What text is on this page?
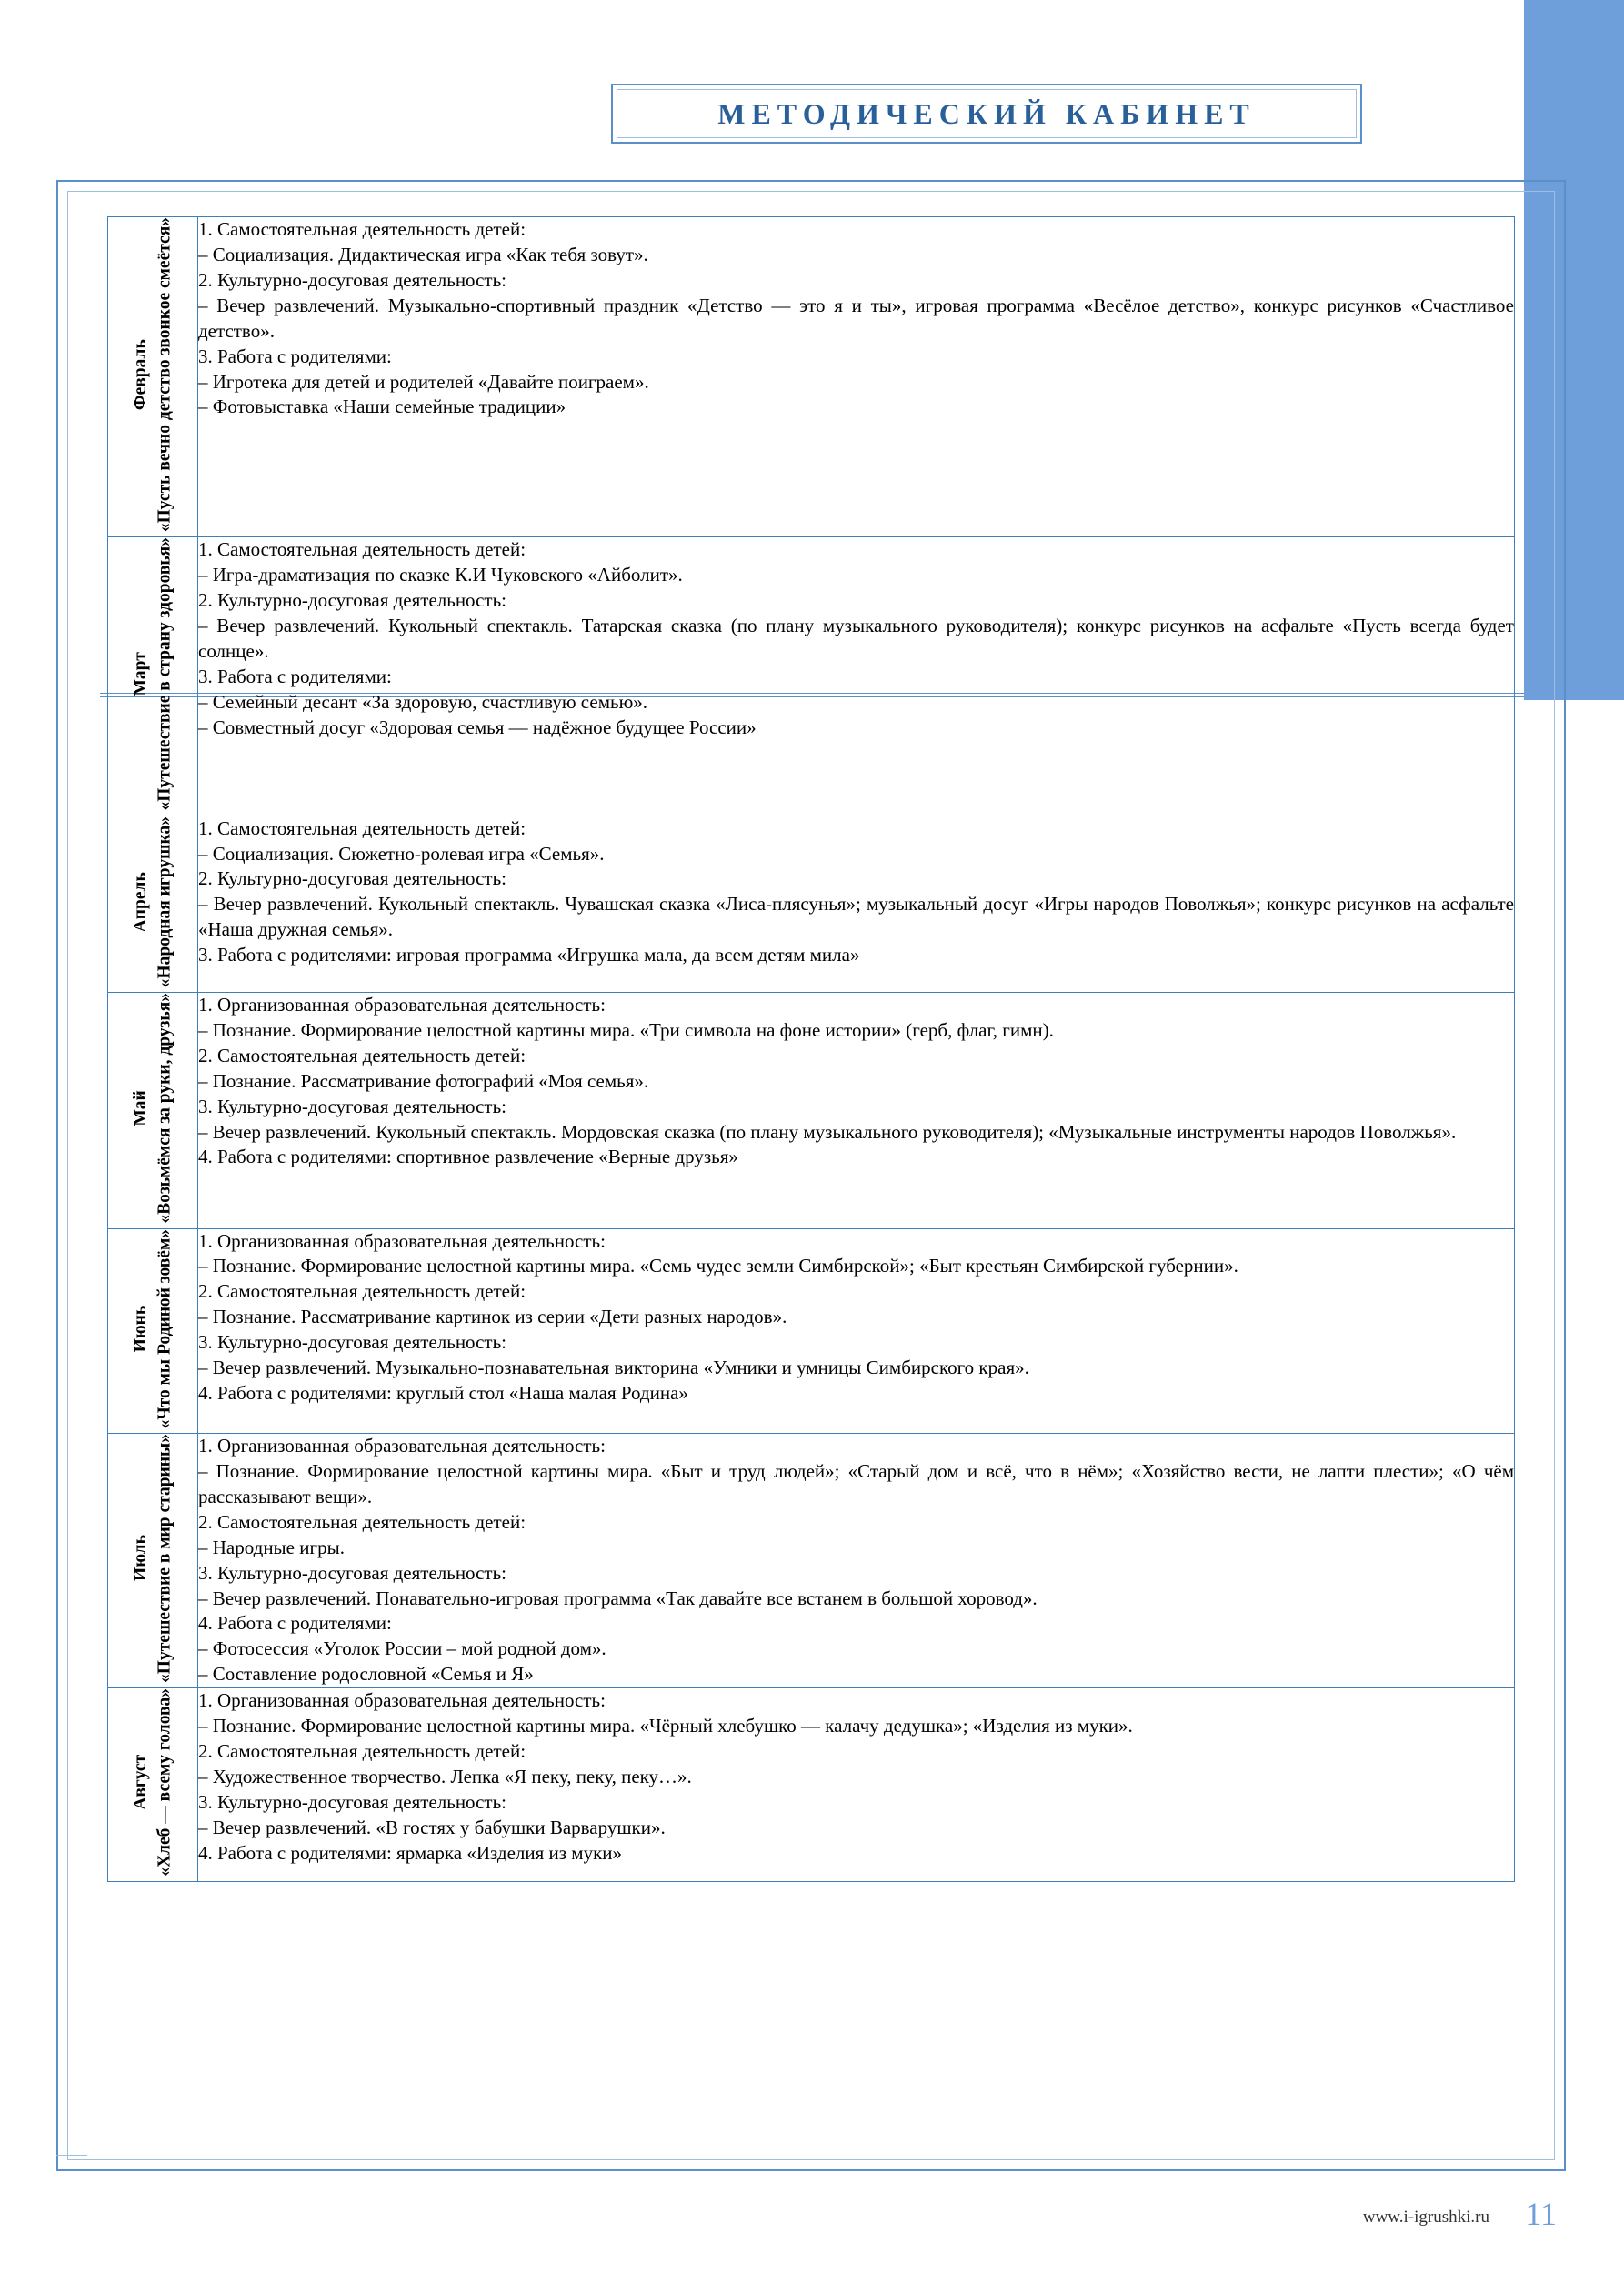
МЕТОДИЧЕСКИЙ КАБИНЕТ
Февраль «Пусть вечно детство звонкое смеётся»	1. Самостоятельная деятельность детей:

– Социализация. Дидактическая игра «Как тебя зовут».

2. Культурно-досуговая деятельность:

– Вечер развлечений. Музыкально-спортивный праздник «Детство — это я и ты», игровая программа «Весёлое детство», конкурс рисунков «Счастливое детство».

3. Работа с родителями:

– Игротека для детей и родителей «Давайте поиграем».

– Фотовыставка «Наши семейные традиции»

Март «Путешествие в страну здоровья»	1. Самостоятельная деятельность детей:

– Игра-драматизация по сказке К.И Чуковского «Айболит».

2. Культурно-досуговая деятельность:

– Вечер развлечений. Кукольный спектакль. Татарская сказка (по плану музыкального руководителя); конкурс рисунков на асфальте «Пусть всегда будет солнце».

3. Работа с родителями:

– Семейный десант «За здоровую, счастливую семью».

– Совместный досуг «Здоровая семья — надёжное будущее России»

Апрель «Народная игрушка»	1. Самостоятельная деятельность детей:

– Социализация. Сюжетно-ролевая игра «Семья».

2. Культурно-досуговая деятельность:

– Вечер развлечений. Кукольный спектакль. Чувашская сказка «Лиса-плясунья»; музыкальный досуг «Игры народов Поволжья»; конкурс рисунков на асфальте «Наша дружная семья».

3. Работа с родителями: игровая программа «Игрушка мала, да всем детям мила»

Май «Возьмёмся за руки, друзья»	1. Организованная образовательная деятельность:

– Познание. Формирование целостной картины мира. «Три символа на фоне истории» (герб, флаг, гимн).

2. Самостоятельная деятельность детей:

– Познание. Рассматривание фотографий «Моя семья».

3. Культурно-досуговая деятельность:

– Вечер развлечений. Кукольный спектакль. Мордовская сказка (по плану музыкального руководителя); «Музыкальные инструменты народов Поволжья».

4. Работа с родителями: спортивное развлечение «Верные друзья»

Июнь «Что мы Родиной зовём»	1. Организованная образовательная деятельность:

– Познание. Формирование целостной картины мира. «Семь чудес земли Симбирской»; «Быт крестьян Симбирской губернии».

2. Самостоятельная деятельность детей:

– Познание. Рассматривание картинок из серии «Дети разных народов».

3. Культурно-досуговая деятельность:

– Вечер развлечений. Музыкально-познавательная викторина «Умники и умницы Симбирского края».

4. Работа с родителями: круглый стол «Наша малая Родина»

Июль «Путешествие в мир старины»	1. Организованная образовательная деятельность:

– Познание. Формирование целостной картины мира. «Быт и труд людей»; «Старый дом и всё, что в нём»; «Хозяйство вести, не лапти плести»; «О чём рассказывают вещи».

2. Самостоятельная деятельность детей:

– Народные игры.

3. Культурно-досуговая деятельность:

– Вечер развлечений. Понавательно-игровая программа «Так давайте все встанем в большой хоровод».

4. Работа с родителями:

– Фотосессия «Уголок России – мой родной дом».

– Составление родословной «Семья и Я»

Август «Хлеб — всему голова»	1. Организованная образовательная деятельность:

– Познание. Формирование целостной картины мира. «Чёрный хлебушко — калачу дедушка»; «Изделия из муки».

2. Самостоятельная деятельность детей:

– Художественное творчество. Лепка «Я пеку, пеку, пеку…».

3. Культурно-досуговая деятельность:

– Вечер развлечений. «В гостях у бабушки Варварушки».

4. Работа с родителями: ярмарка «Изделия из муки»

www.i-igrushki.ru 11
